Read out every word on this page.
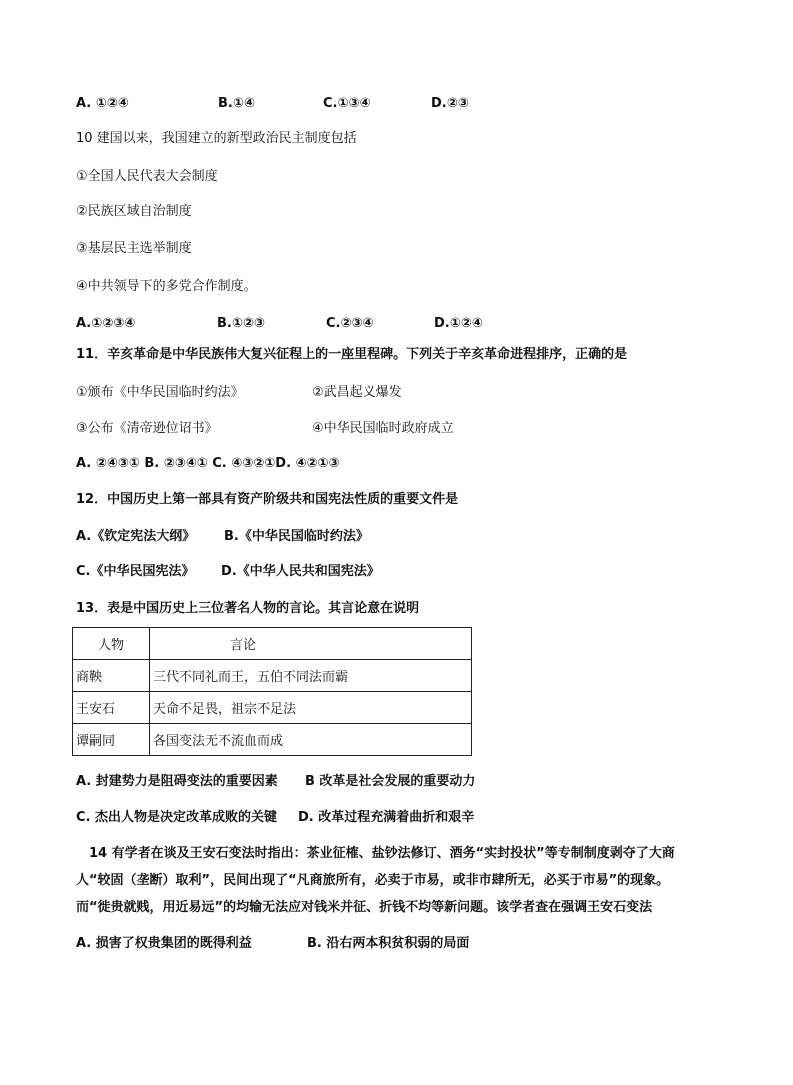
A. ①②④	B.①④	C.①③④	D.②③
10 建国以来，我国建立的新型政治民主制度包括
①全国人民代表大会制度
②民族区域自治制度
③基层民主选举制度
④中共领导下的多党合作制度。
A.①②③④	B.①②③	C.②③④	D.①②④
11．辛亥革命是中华民族伟大复兴征程上的一座里程碑。下列关于辛亥革命进程排序，正确的是
①颁布《中华民国临时约法》	②武昌起义爆发
③公布《清帝逊位诏书》	④中华民国临时政府成立
A. ②④③① B. ②③④① C. ④③②①D. ④②①③
12．中国历史上第一部具有资产阶级共和国宪法性质的重要文件是
A.《钦定宪法大纲》 B.《中华民国临时约法》
C.《中华民国宪法》 D.《中华人民共和国宪法》
13．表是中国历史上三位著名人物的言论。其言论意在说明
人物	言论
商鞅	三代不同礼而王，五伯不同法而霸
王安石	天命不足畏，祖宗不足法
谭嗣同	各国变法无不流血而成
A. 封建势力是阻碍变法的重要因素 B 改革是社会发展的重要动力
C. 杰出人物是决定改革成败的关键 D. 改革过程充满着曲折和艰辛
14 有学者在谈及王安石变法时指出：茶业征榷、盐钞法修订、酒务“实封投状”等专制制度剥夺了大商
人“较固（垄断）取利”，民间出现了“凡商旅所有，必卖于市易，或非市肆所无，必买于市易”的现象。
而“徙贵就贱，用近易远”的均输无法应对钱米并征、折钱不均等新问题。该学者查在强调王安石变法
A. 损害了权贵集团的既得利益	B. 沿右两本积贫积弱的局面
